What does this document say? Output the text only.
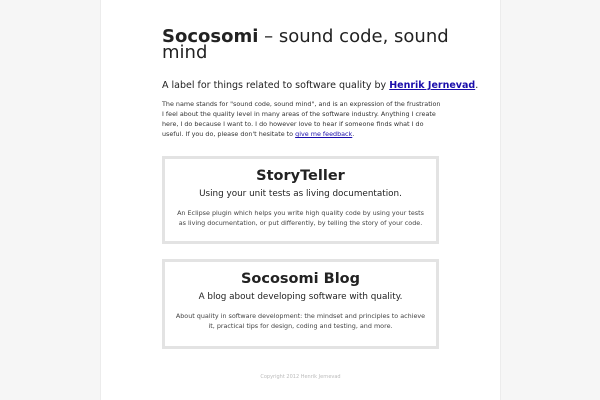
Socosomi – sound code, sound mind

A label for things related to software quality by Henrik Jernevad.

The name stands for "sound code, sound mind", and is an expression of the frustration I feel about the quality level in many areas of the software industry. Anything I create here, I do because I want to. I do however love to hear if someone finds what I do useful. If you do, please don't hesitate to give me feedback.

StoryTeller

Using your unit tests as living documentation.

An Eclipse plugin which helps you write high quality code by using your tests as living documentation, or put differently, by telling the story of your code.

Socosomi Blog

A blog about developing software with quality.

About quality in software development: the mindset and principles to achieve it, practical tips for design, coding and testing, and more.

Copyright 2012 Henrik Jernevad
